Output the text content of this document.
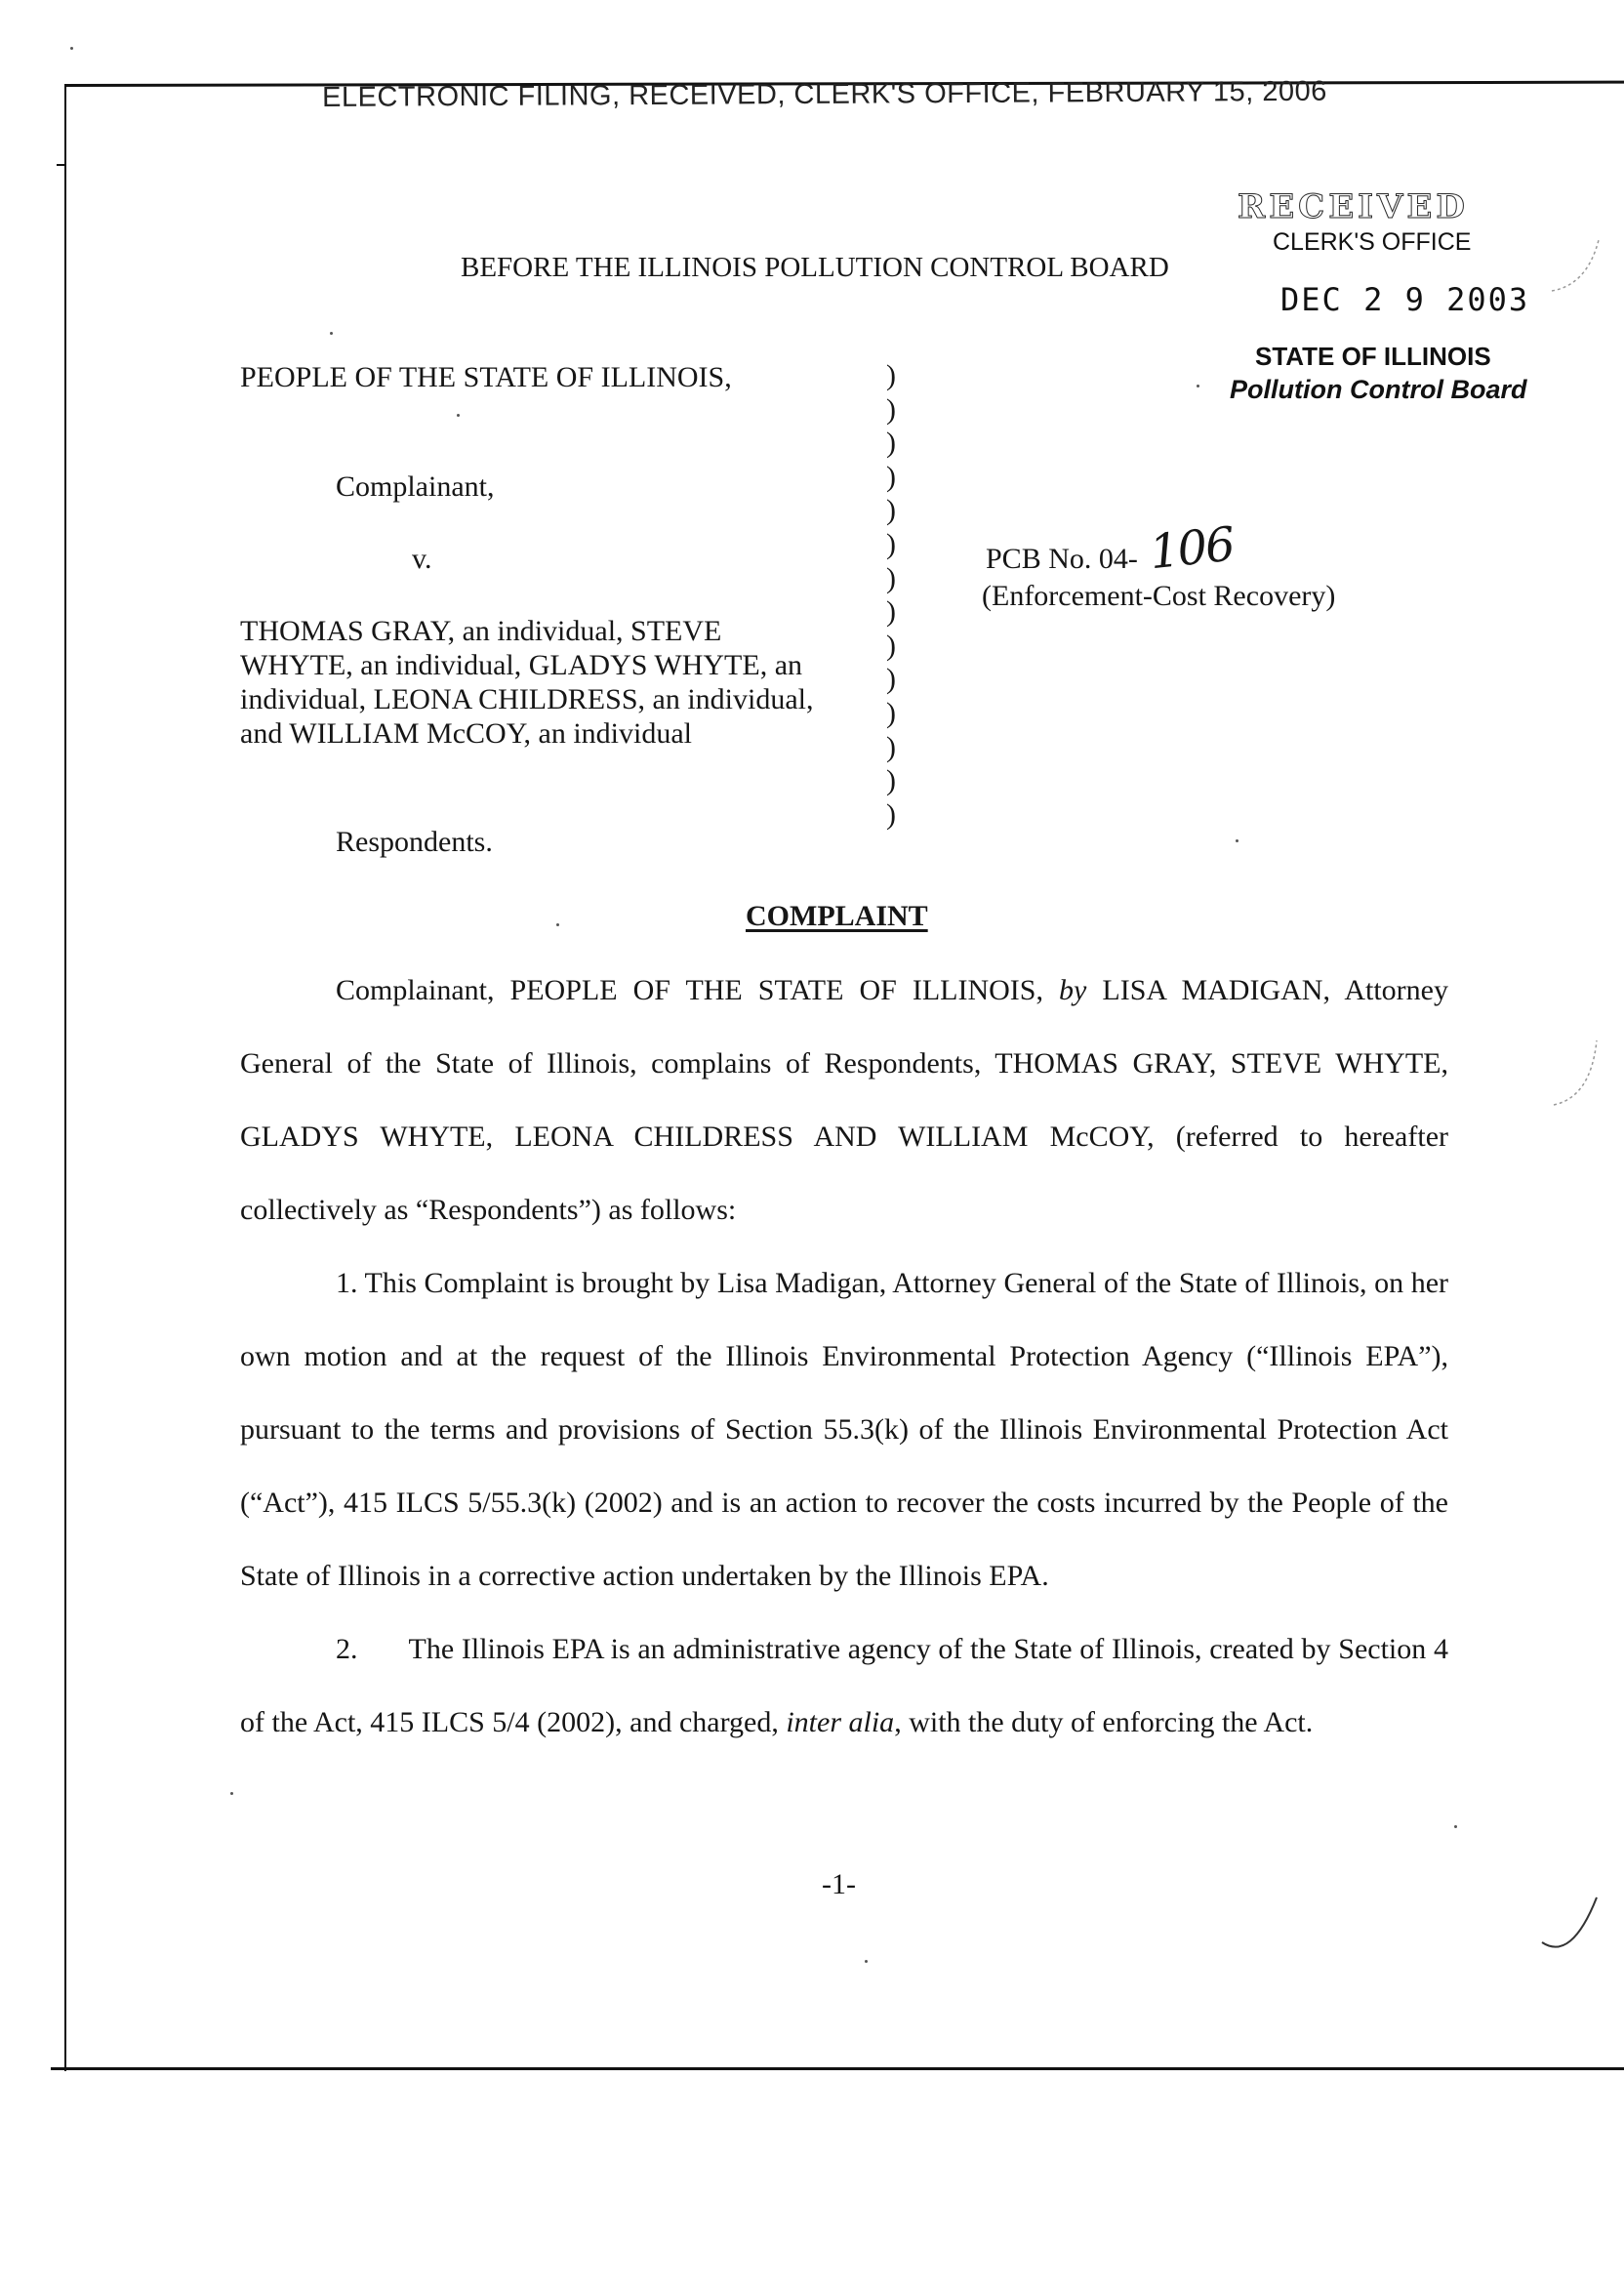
ELECTRONIC FILING, RECEIVED, CLERK'S OFFICE, FEBRUARY 15, 2006
RECEIVED
CLERK'S OFFICE
DEC 2 9 2003
STATE OF ILLINOIS
Pollution Control Board
BEFORE THE ILLINOIS POLLUTION CONTROL BOARD
PEOPLE OF THE STATE OF ILLINOIS,
Complainant,
v.
THOMAS GRAY, an individual, STEVE
WHYTE, an individual, GLADYS WHYTE, an
individual, LEONA CHILDRESS, an individual,
and WILLIAM McCOY, an individual
Respondents.
)
)
)
)
)
)
)
)
)
)
)
)
)
)
PCB No. 04- 106
(Enforcement-Cost Recovery)
COMPLAINT

Complainant, PEOPLE OF THE STATE OF ILLINOIS, by LISA MADIGAN, Attorney General of the State of Illinois, complains of Respondents, THOMAS GRAY, STEVE WHYTE, GLADYS WHYTE, LEONA CHILDRESS AND WILLIAM McCOY, (referred to hereafter collectively as “Respondents”) as follows:

1. This Complaint is brought by Lisa Madigan, Attorney General of the State of Illinois, on her own motion and at the request of the Illinois Environmental Protection Agency (“Illinois EPA”), pursuant to the terms and provisions of Section 55.3(k) of the Illinois Environmental Protection Act (“Act”), 415 ILCS 5/55.3(k) (2002) and is an action to recover the costs incurred by the People of the State of Illinois in a corrective action undertaken by the Illinois EPA.

2. The Illinois EPA is an administrative agency of the State of Illinois, created by Section 4 of the Act, 415 ILCS 5/4 (2002), and charged, inter alia, with the duty of enforcing the Act.

-1-
